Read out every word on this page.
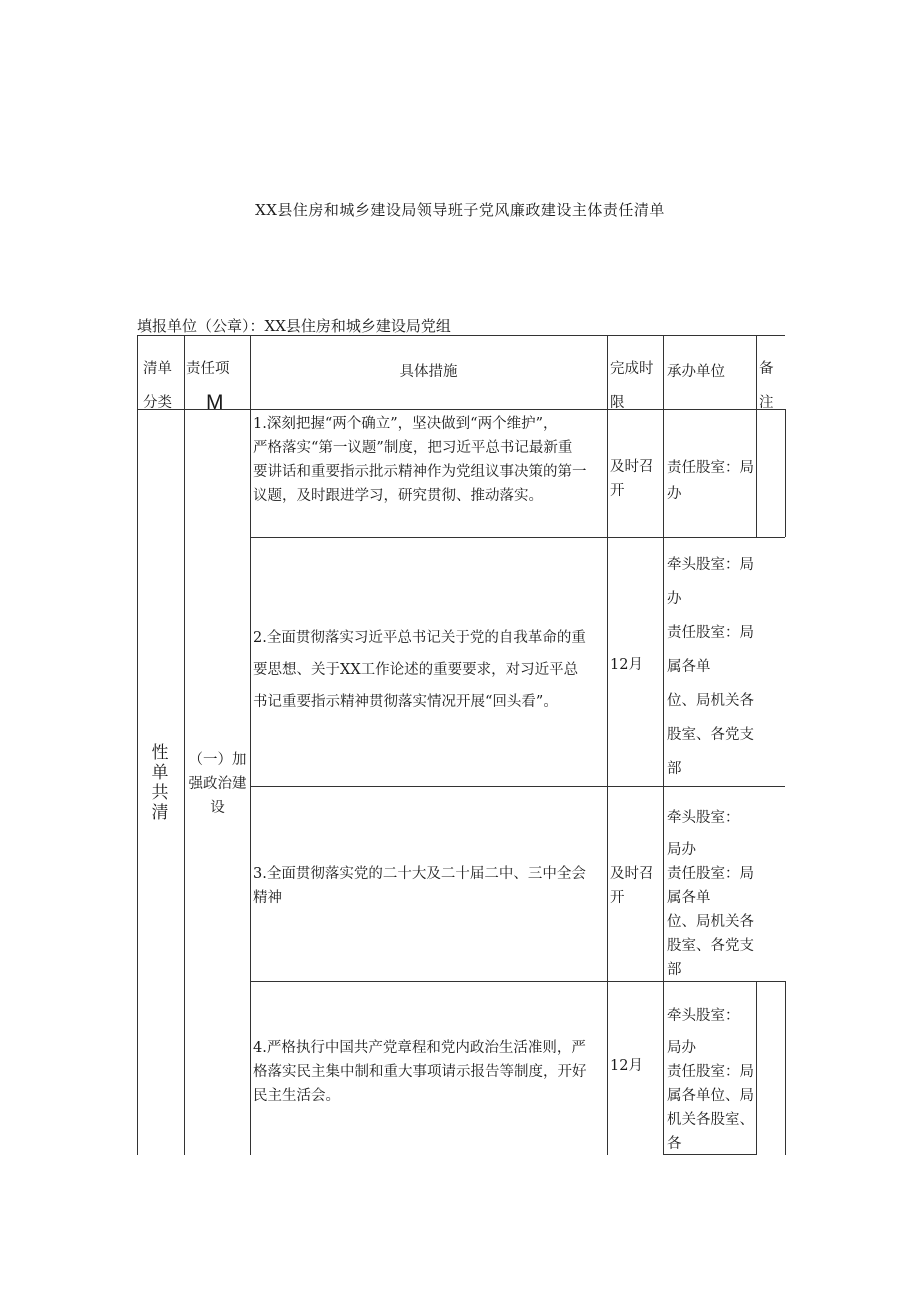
XX县住房和城乡建设局领导班子党风廉政建设主体责任清单
填报单位（公章）：XX县住房和城乡建设局党组
清单
分类
责任项
M
具体措施	完成时
限
承办单位 备
注
性
单
共
清
（一）加
强政治建
设
1.深刻把握“两个确立”，坚决做到“两个维护”，
严格落实“第一议题”制度，把习近平总书记最新重
要讲话和重要指示批示精神作为党组议事决策的第一
议题，及时跟进学习，研究贯彻、推动落实。
及时召
开
责任股室：局
办
2.全面贯彻落实习近平总书记关于党的自我革命的重
要思想、关于XX工作论述的重要要求，对习近平总
书记重要指示精神贯彻落实情况开展“回头看”。
12月
牵头股室：局
办
责任股室：局
属各单
位、局机关各
股室、各党支
部
3.全面贯彻落实党的二十大及二十届二中、三中全会
精神
及时召
开
牵头股室：
局办
责任股室：局
属各单
位、局机关各
股室、各党支
部
4.严格执行中国共产党章程和党内政治生活准则，严
格落实民主集中制和重大事项请示报告等制度，开好
民主生活会。
12月
牵头股室：
局办
责任股室：局
属各单位、局
机关各股室、
各
